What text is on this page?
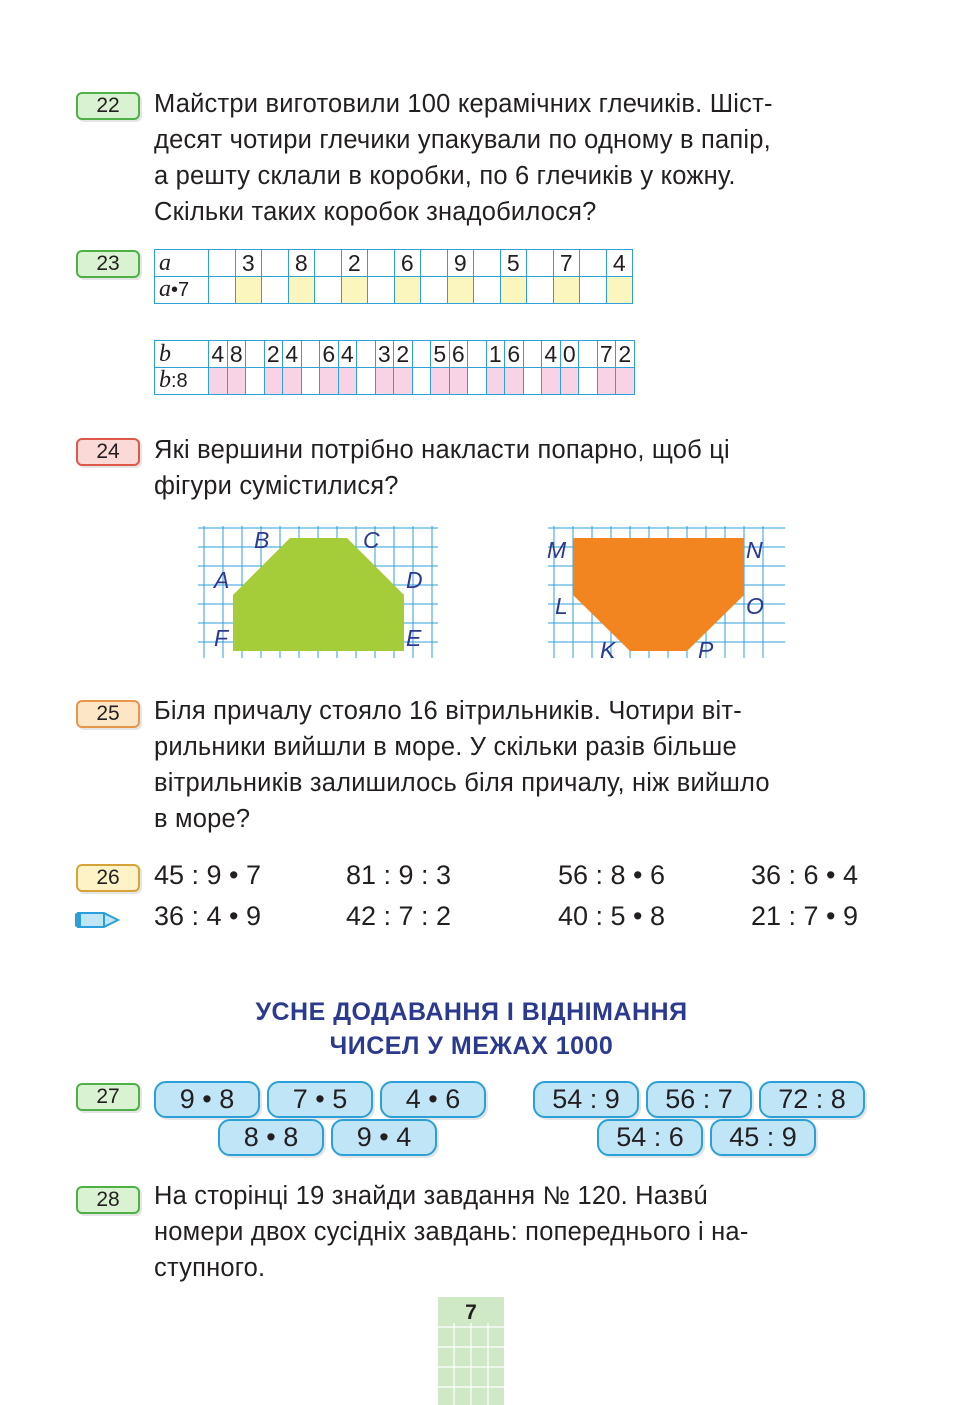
22	Майстри виготовили 100 керамічних глечиків. Шіст-
десят чотири глечики упакували по одному в папір,
а решту склали в коробки, по 6 глечиків у кожну.
Скільки таких коробок знадобилося?
23	a		3		8		2		6		9		5		7		4
a•7																
b	4	8		2	4		6	4		3	2		5	6		1	6		4	0		7	2
b:8																							
24	Які вершини потрібно накласти попарно, щоб ці
фігури сумістилися?
A
B	C
D
E
F
M	N
O
P
K
L
25	Біля причалу стояло 16 вітрильників. Чотири віт-
рильники вийшли в море. У скільки разів більше
вітрильників залишилось біля причалу, ніж вийшло
в море?
26	45 : 9 • 7	81 : 9 : 3	56 : 8 • 6	36 : 6 • 4
36 : 4 • 9	42 : 7 : 2	40 : 5 • 8	21 : 7 • 9
УСНЕ ДОДАВАННЯ І ВІДНІМАННЯ
ЧИСЕЛ У МЕЖАХ 1000
27	9 • 8	7 • 5	4 • 6
8 • 8	9 • 4
54 : 9	56 : 7	72 : 8
54 : 6	45 : 9
28	На сторінці 19 знайди завдання № 120. Назвú
номери двох сусідніх завдань: попереднього і на-
ступного.
7
